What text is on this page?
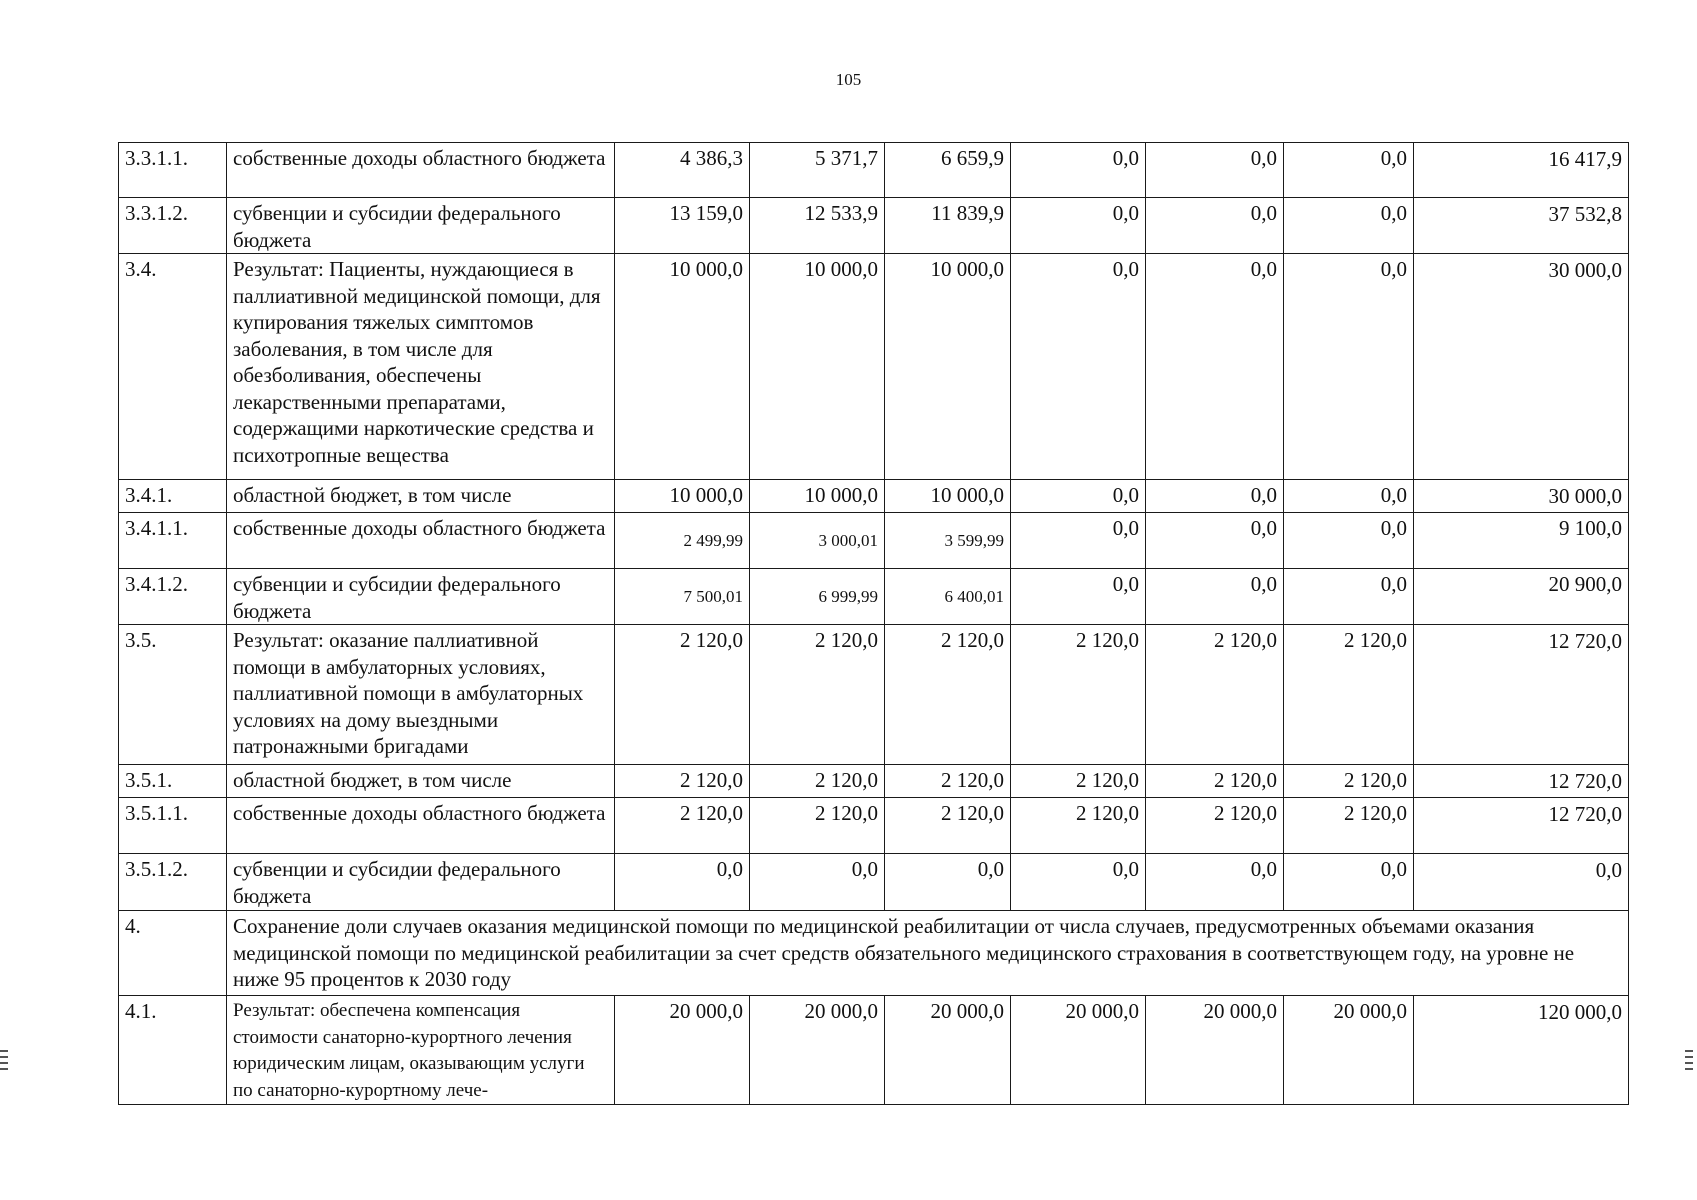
105
3.3.1.1.	собственные доходы областного бюджета	4 386,3	5 371,7	6 659,9	0,0	0,0	0,0	16 417,9
3.3.1.2.	субвенции и субсидии федерального бюджета	13 159,0	12 533,9	11 839,9	0,0	0,0	0,0	37 532,8
3.4.	Результат: Пациенты, нуждающиеся в паллиативной медицинской помощи, для купирования тяжелых симптомов заболевания, в том числе для обезболивания, обеспечены лекарственными препаратами, содержащими наркотические средства и психотропные вещества	10 000,0	10 000,0	10 000,0	0,0	0,0	0,0	30 000,0
3.4.1.	областной бюджет, в том числе	10 000,0	10 000,0	10 000,0	0,0	0,0	0,0	30 000,0
3.4.1.1.	собственные доходы областного бюджета	2 499,99	3 000,01	3 599,99	0,0	0,0	0,0	9 100,0
3.4.1.2.	субвенции и субсидии федерального бюджета	7 500,01	6 999,99	6 400,01	0,0	0,0	0,0	20 900,0
3.5.	Результат: оказание паллиативной помощи в амбулаторных условиях, паллиативной помощи в амбулаторных условиях на дому выездными патронажными бригадами	2 120,0	2 120,0	2 120,0	2 120,0	2 120,0	2 120,0	12 720,0
3.5.1.	областной бюджет, в том числе	2 120,0	2 120,0	2 120,0	2 120,0	2 120,0	2 120,0	12 720,0
3.5.1.1.	собственные доходы областного бюджета	2 120,0	2 120,0	2 120,0	2 120,0	2 120,0	2 120,0	12 720,0
3.5.1.2.	субвенции и субсидии федерального бюджета	0,0	0,0	0,0	0,0	0,0	0,0	0,0
4.	Сохранение доли случаев оказания медицинской помощи по медицинской реабилитации от числа случаев, предусмотренных объемами оказания медицинской помощи по медицинской реабилитации за счет средств обязательного медицинского страхования в соответствующем году, на уровне не ниже 95 процентов к 2030 году							
4.1.	Результат: обеспечена компенсация стоимости санаторно-курортного лечения юридическим лицам, оказывающим услуги по санаторно-курортному лече-	20 000,0	20 000,0	20 000,0	20 000,0	20 000,0	20 000,0	120 000,0
